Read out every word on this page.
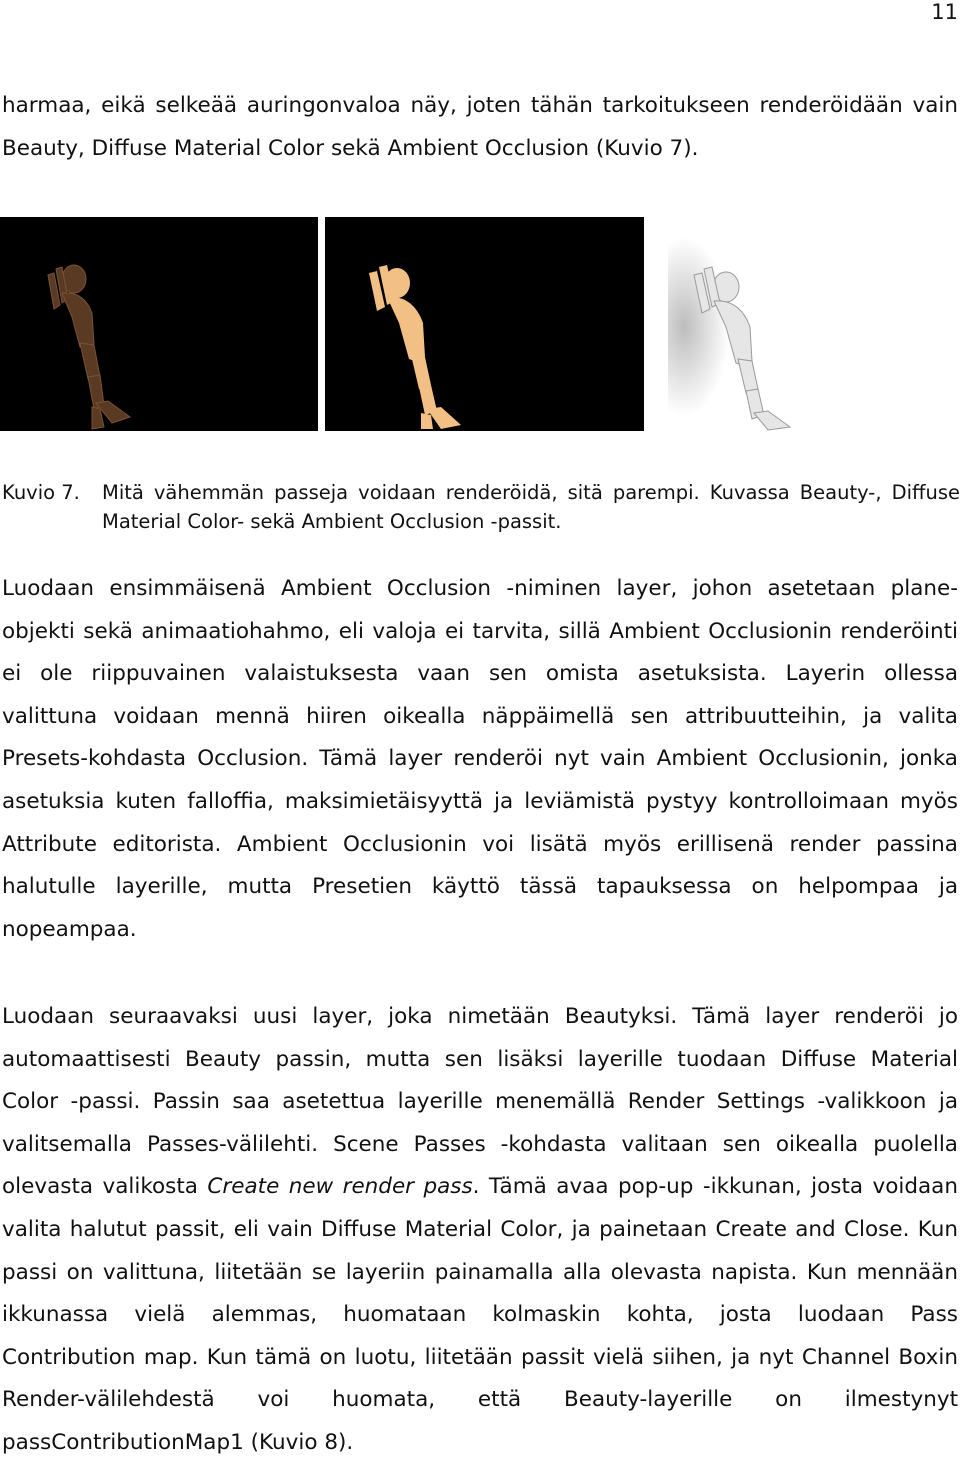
11

harmaa, eikä selkeää auringonvaloa näy, joten tähän tarkoitukseen renderöidään vain
Beauty, Diffuse Material Color sekä Ambient Occlusion (Kuvio 7).

Kuvio 7. Mitä vähemmän passeja voidaan renderöidä, sitä parempi. Kuvassa Beauty-, Diffuse
Material Color- sekä Ambient Occlusion -passit.

Luodaan ensimmäisenä Ambient Occlusion -niminen layer, johon asetetaan plane-
objekti sekä animaatiohahmo, eli valoja ei tarvita, sillä Ambient Occlusionin renderöinti
ei ole riippuvainen valaistuksesta vaan sen omista asetuksista. Layerin ollessa
valittuna voidaan mennä hiiren oikealla näppäimellä sen attribuutteihin, ja valita
Presets-kohdasta Occlusion. Tämä layer renderöi nyt vain Ambient Occlusionin, jonka
asetuksia kuten falloffia, maksimietäisyyttä ja leviämistä pystyy kontrolloimaan myös
Attribute editorista. Ambient Occlusionin voi lisätä myös erillisenä render passina
halutulle layerille, mutta Presetien käyttö tässä tapauksessa on helpompaa ja
nopeampaa.

Luodaan seuraavaksi uusi layer, joka nimetään Beautyksi. Tämä layer renderöi jo
automaattisesti Beauty passin, mutta sen lisäksi layerille tuodaan Diffuse Material
Color -passi. Passin saa asetettua layerille menemällä Render Settings -valikkoon ja
valitsemalla Passes-välilehti. Scene Passes -kohdasta valitaan sen oikealla puolella
olevasta valikosta Create new render pass. Tämä avaa pop-up -ikkunan, josta voidaan
valita halutut passit, eli vain Diffuse Material Color, ja painetaan Create and Close. Kun
passi on valittuna, liitetään se layeriin painamalla alla olevasta napista. Kun mennään
ikkunassa vielä alemmas, huomataan kolmaskin kohta, josta luodaan Pass
Contribution map. Kun tämä on luotu, liitetään passit vielä siihen, ja nyt Channel Boxin
Render-välilehdestä voi huomata, että Beauty-layerille on ilmestynyt
passContributionMap1 (Kuvio 8).
